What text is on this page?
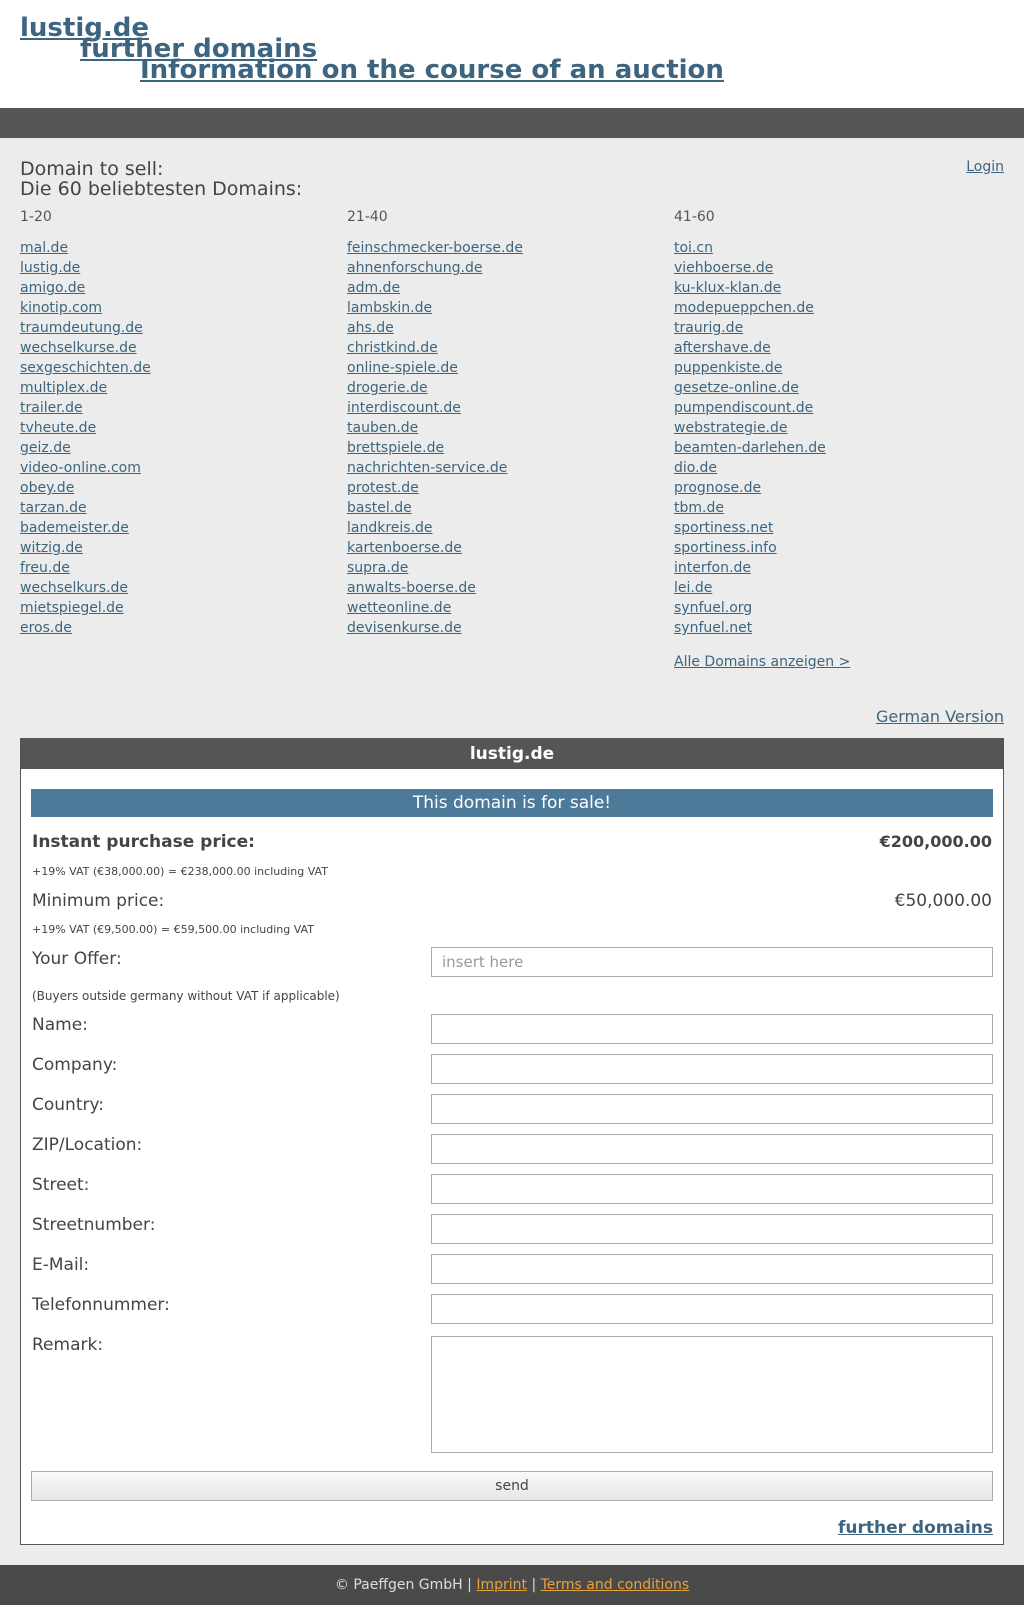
lustig.de
further domains
Information on the course of an auction
Domain to sell:
Die 60 beliebtesten Domains:
Login
1-20
mal.de
lustig.de
amigo.de
kinotip.com
traumdeutung.de
wechselkurse.de
sexgeschichten.de
multiplex.de
trailer.de
tvheute.de
geiz.de
video-online.com
obey.de
tarzan.de
bademeister.de
witzig.de
freu.de
wechselkurs.de
mietspiegel.de
eros.de
21-40
feinschmecker-boerse.de
ahnenforschung.de
adm.de
lambskin.de
ahs.de
christkind.de
online-spiele.de
drogerie.de
interdiscount.de
tauben.de
brettspiele.de
nachrichten-service.de
protest.de
bastel.de
landkreis.de
kartenboerse.de
supra.de
anwalts-boerse.de
wetteonline.de
devisenkurse.de
41-60
toi.cn
viehboerse.de
ku-klux-klan.de
modepueppchen.de
traurig.de
aftershave.de
puppenkiste.de
gesetze-online.de
pumpendiscount.de
webstrategie.de
beamten-darlehen.de
dio.de
prognose.de
tbm.de
sportiness.net
sportiness.info
interfon.de
lei.de
synfuel.org
synfuel.net
Alle Domains anzeigen >
German Version
lustig.de
This domain is for sale!
Instant purchase price:	€200,000.00
+19% VAT (€38,000.00) = €238,000.00 including VAT
Minimum price:	€50,000.00
+19% VAT (€9,500.00) = €59,500.00 including VAT
Your Offer:
insert here
(Buyers outside germany without VAT if applicable)
Name:
Company:
Country:
ZIP/Location:
Street:
Streetnumber:
E-Mail:
Telefonnummer:
Remark:
send
further domains
© Paeffgen GmbH | Imprint | Terms and conditions
